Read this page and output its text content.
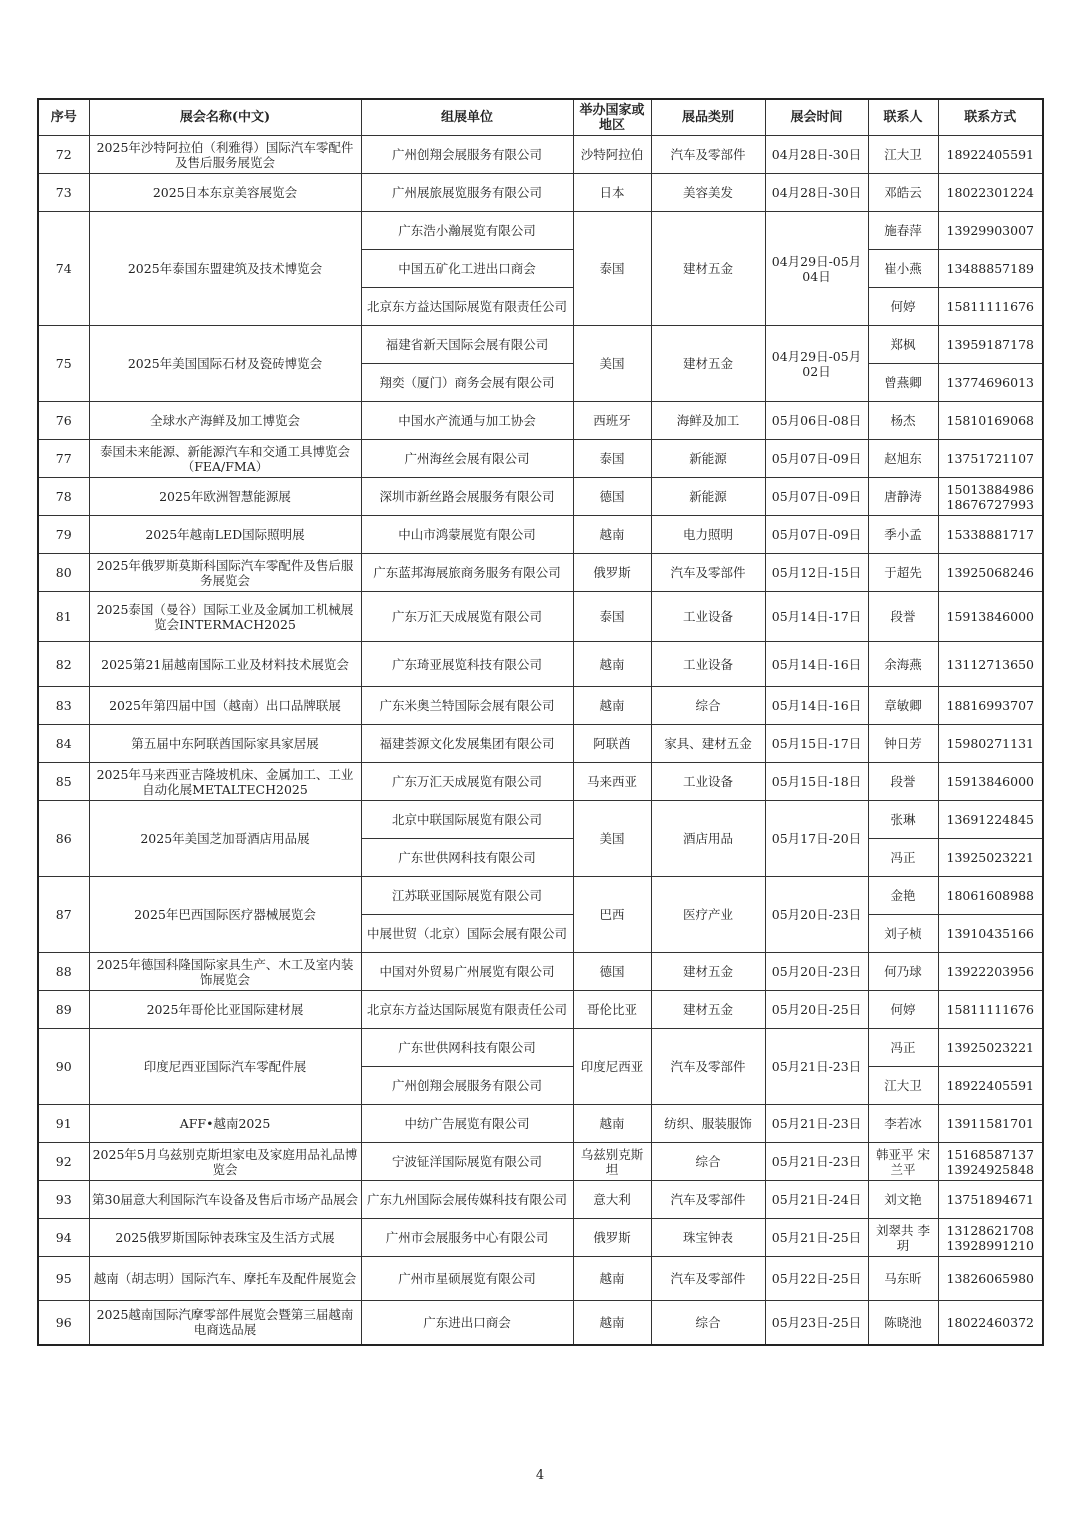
序号	展会名称(中文)	组展单位	举办国家或地区	展品类别	展会时间	联系人	联系方式
72	2025年沙特阿拉伯（利雅得）国际汽车零配件及售后服务展览会	广州创翔会展服务有限公司	沙特阿拉伯	汽车及零部件	04月28日-30日	江大卫	18922405591
73	2025日本东京美容展览会	广州展旅展览服务有限公司	日本	美容美发	04月28日-30日	邓皓云	18022301224
74	2025年泰国东盟建筑及技术博览会	广东浩小瀚展览有限公司	泰国	建材五金	04月29日-05月04日	施春萍	13929903007
		中国五矿化工进出口商会				崔小燕	13488857189
		北京东方益达国际展览有限责任公司				何婷	15811111676
75	2025年美国国际石材及瓷砖博览会	福建省新天国际会展有限公司	美国	建材五金	04月29日-05月02日	郑枫	13959187178
		翔奕（厦门）商务会展有限公司				曾燕卿	13774696013
76	全球水产海鲜及加工博览会	中国水产流通与加工协会	西班牙	海鲜及加工	05月06日-08日	杨杰	15810169068
77	泰国未来能源、新能源汽车和交通工具博览会（FEA/FMA）	广州海丝会展有限公司	泰国	新能源	05月07日-09日	赵旭东	13751721107
78	2025年欧洲智慧能源展	深圳市新丝路会展服务有限公司	德国	新能源	05月07日-09日	唐静涛	15013884986 18676727993
79	2025年越南LED国际照明展	中山市鸿蒙展览有限公司	越南	电力照明	05月07日-09日	季小孟	15338881717
80	2025年俄罗斯莫斯科国际汽车零配件及售后服务展览会	广东蓝邦海展旅商务服务有限公司	俄罗斯	汽车及零部件	05月12日-15日	于超先	13925068246
81	2025泰国（曼谷）国际工业及金属加工机械展览会INTERMACH2025	广东万汇天成展览有限公司	泰国	工业设备	05月14日-17日	段誉	15913846000
82	2025第21届越南国际工业及材料技术展览会	广东琦亚展览科技有限公司	越南	工业设备	05月14日-16日	余海燕	13112713650
83	2025年第四届中国（越南）出口品牌联展	广东米奥兰特国际会展有限公司	越南	综合	05月14日-16日	章敏卿	18816993707
84	第五届中东阿联酋国际家具家居展	福建荟源文化发展集团有限公司	阿联酋	家具、建材五金	05月15日-17日	钟日芳	15980271131
85	2025年马来西亚吉隆坡机床、金属加工、工业自动化展METALTECH2025	广东万汇天成展览有限公司	马来西亚	工业设备	05月15日-18日	段誉	15913846000
86	2025年美国芝加哥酒店用品展	北京中联国际展览有限公司	美国	酒店用品	05月17日-20日	张琳	13691224845
		广东世供网科技有限公司				冯正	13925023221
87	2025年巴西国际医疗器械展览会	江苏联亚国际展览有限公司	巴西	医疗产业	05月20日-23日	金艳	18061608988
		中展世贸（北京）国际会展有限公司				刘子桢	13910435166
88	2025年德国科隆国际家具生产、木工及室内装饰展览会	中国对外贸易广州展览有限公司	德国	建材五金	05月20日-23日	何乃球	13922203956
89	2025年哥伦比亚国际建材展	北京东方益达国际展览有限责任公司	哥伦比亚	建材五金	05月20日-25日	何婷	15811111676
90	印度尼西亚国际汽车零配件展	广东世供网科技有限公司	印度尼西亚	汽车及零部件	05月21日-23日	冯正	13925023221
		广州创翔会展服务有限公司				江大卫	18922405591
91	AFF•越南2025	中纺广告展览有限公司	越南	纺织、服装服饰	05月21日-23日	李若冰	13911581701
92	2025年5月乌兹别克斯坦家电及家庭用品礼品博览会	宁波钲洋国际展览有限公司	乌兹别克斯坦	综合	05月21日-23日	韩亚平 宋兰平	15168587137 13924925848
93	第30届意大利国际汽车设备及售后市场产品展会	广东九州国际会展传媒科技有限公司	意大利	汽车及零部件	05月21日-24日	刘文艳	13751894671
94	2025俄罗斯国际钟表珠宝及生活方式展	广州市会展服务中心有限公司	俄罗斯	珠宝钟表	05月21日-25日	刘翠共 李玥	13128621708 13928991210
95	越南（胡志明）国际汽车、摩托车及配件展览会	广州市星硕展览有限公司	越南	汽车及零部件	05月22日-25日	马东昕	13826065980
96	2025越南国际汽摩零部件展览会暨第三届越南电商选品展	广东进出口商会	越南	综合	05月23日-25日	陈晓池	18022460372
4
